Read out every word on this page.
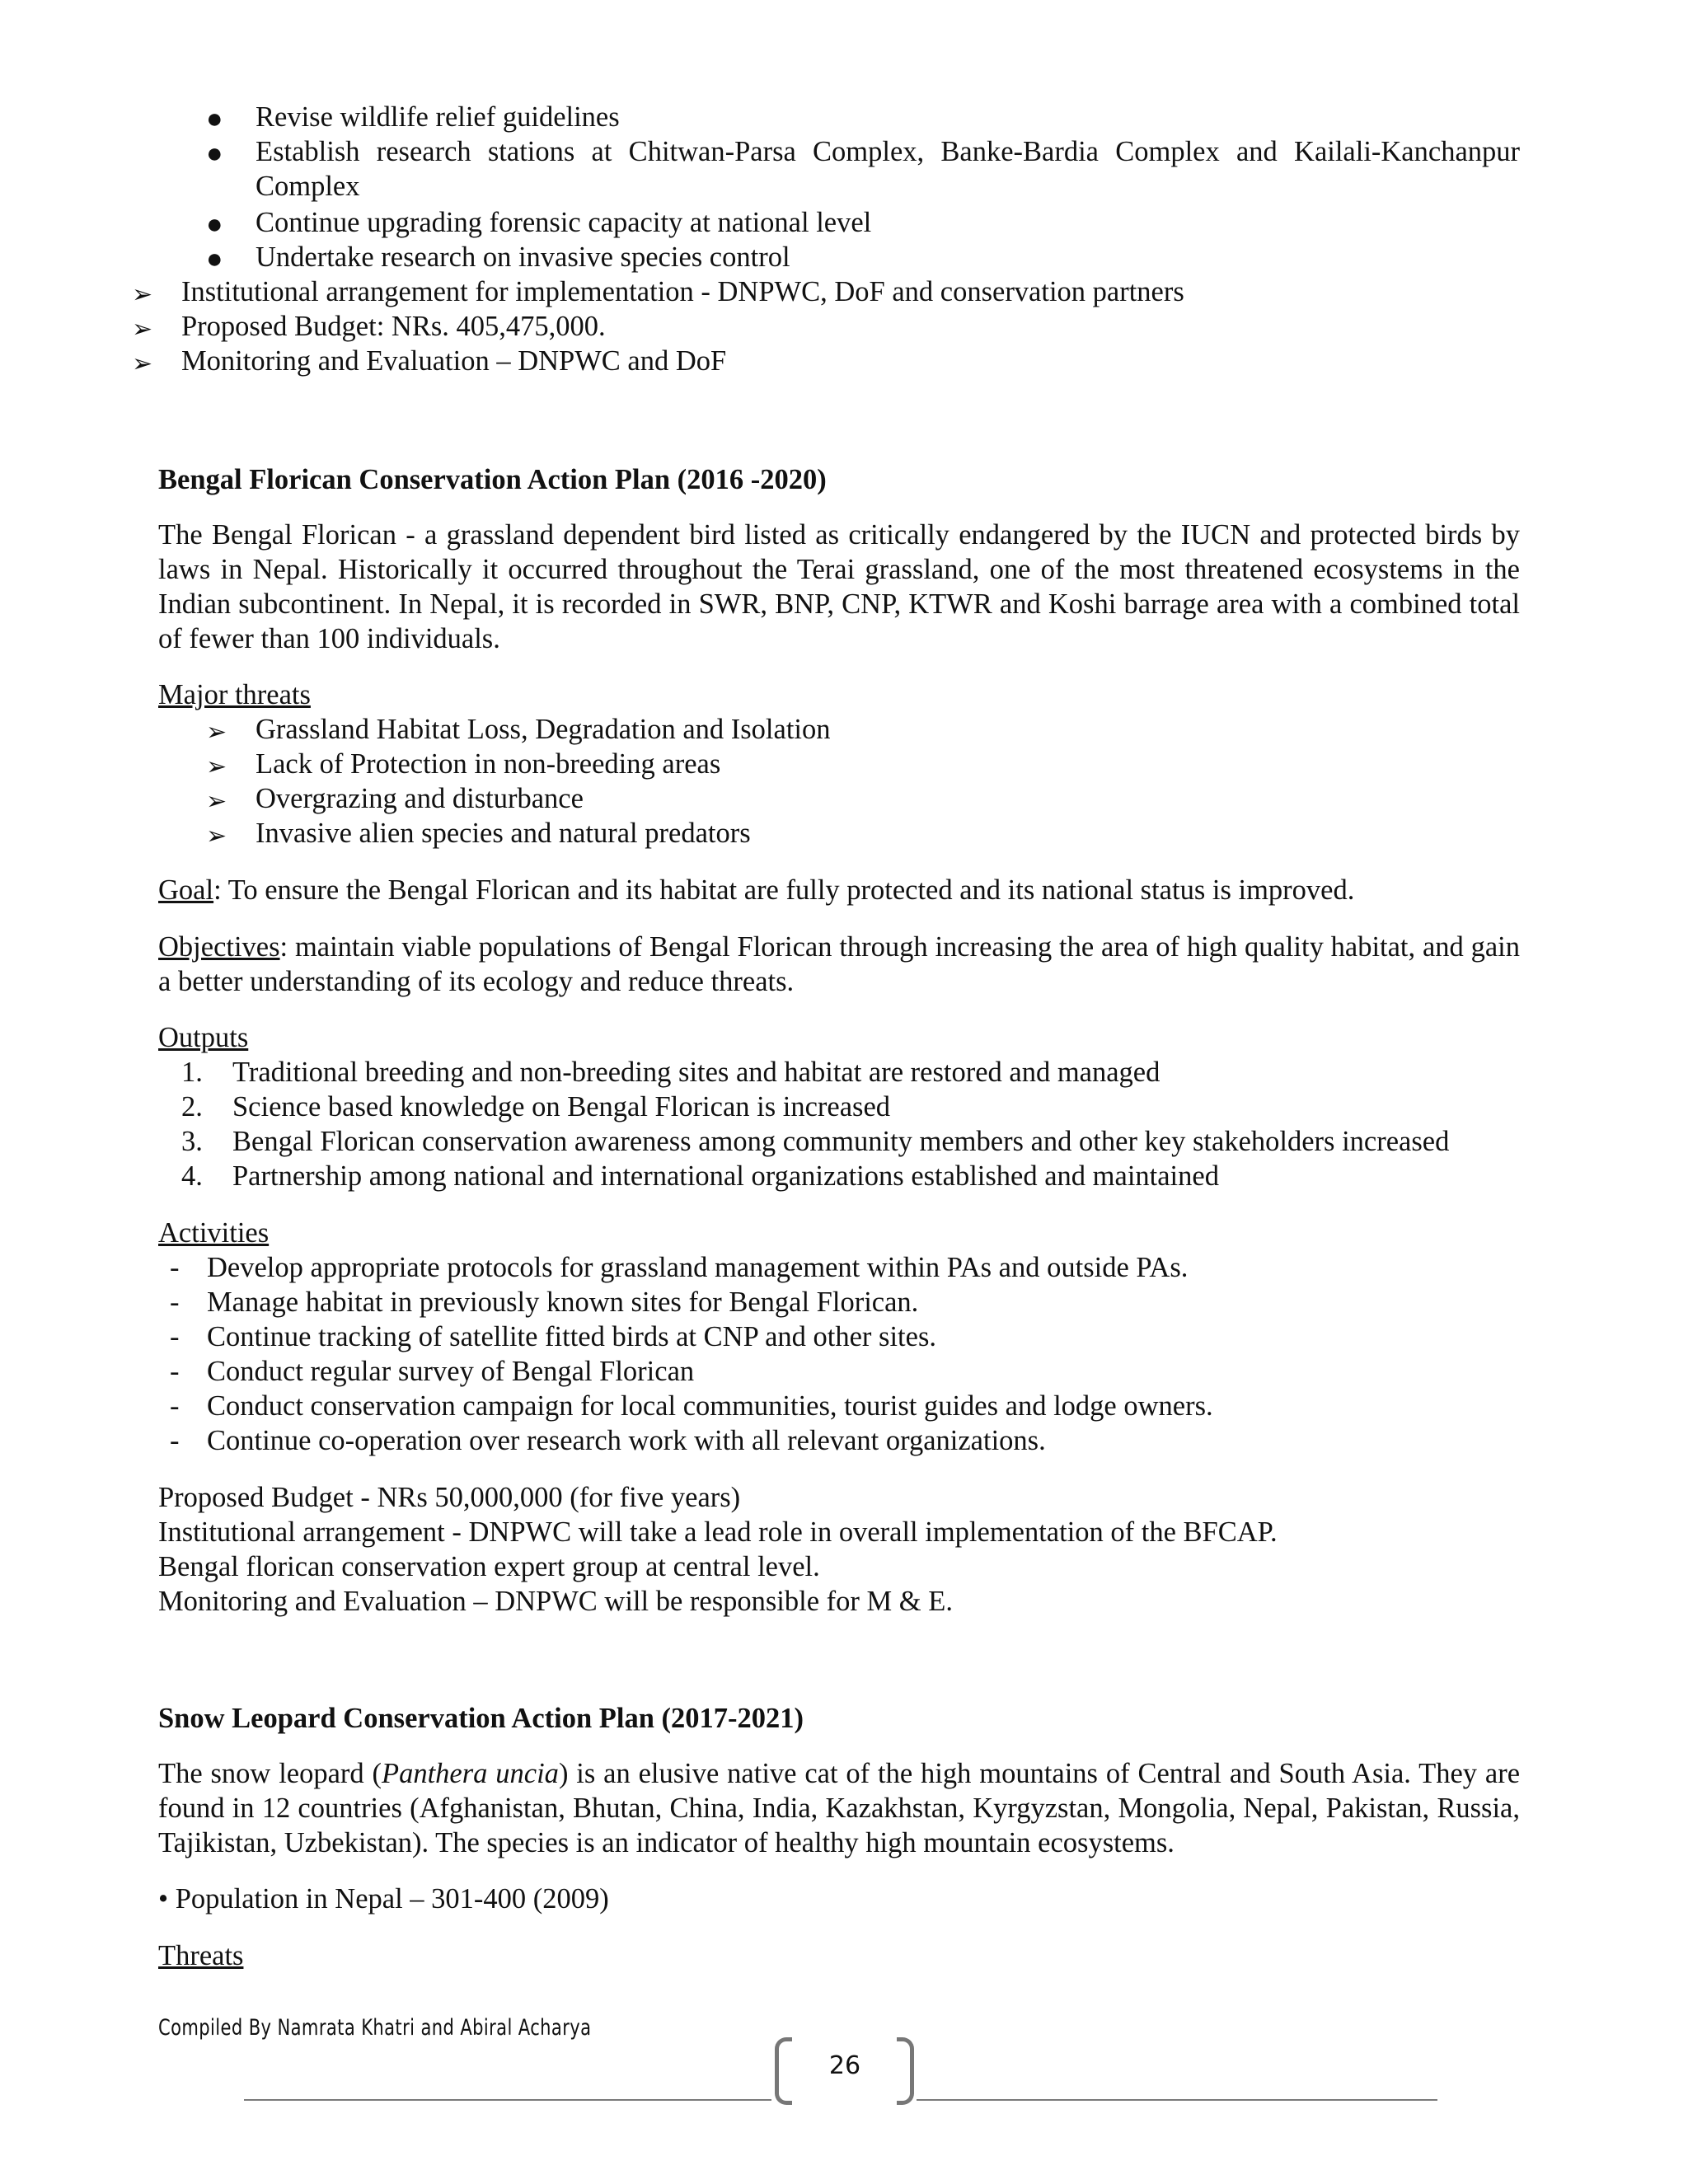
● Revise wildlife relief guidelines
● Establish research stations at Chitwan-Parsa Complex, Banke-Bardia Complex and Kailali-Kanchanpur Complex
● Continue upgrading forensic capacity at national level
● Undertake research on invasive species control
➢ Institutional arrangement for implementation - DNPWC, DoF and conservation partners
➢ Proposed Budget: NRs. 405,475,000.
➢ Monitoring and Evaluation – DNPWC and DoF
Bengal Florican Conservation Action Plan (2016 -2020)
The Bengal Florican - a grassland dependent bird listed as critically endangered by the IUCN and protected birds by laws in Nepal. Historically it occurred throughout the Terai grassland, one of the most threatened ecosystems in the Indian subcontinent. In Nepal, it is recorded in SWR, BNP, CNP, KTWR and Koshi barrage area with a combined total of fewer than 100 individuals.
Major threats
➢ Grassland Habitat Loss, Degradation and Isolation
➢ Lack of Protection in non-breeding areas
➢ Overgrazing and disturbance
➢ Invasive alien species and natural predators
Goal: To ensure the Bengal Florican and its habitat are fully protected and its national status is improved.
Objectives: maintain viable populations of Bengal Florican through increasing the area of high quality habitat, and gain a better understanding of its ecology and reduce threats.
Outputs
1. Traditional breeding and non-breeding sites and habitat are restored and managed
2. Science based knowledge on Bengal Florican is increased
3. Bengal Florican conservation awareness among community members and other key stakeholders increased
4. Partnership among national and international organizations established and maintained
Activities
- Develop appropriate protocols for grassland management within PAs and outside PAs.
- Manage habitat in previously known sites for Bengal Florican.
- Continue tracking of satellite fitted birds at CNP and other sites.
- Conduct regular survey of Bengal Florican
- Conduct conservation campaign for local communities, tourist guides and lodge owners.
- Continue co-operation over research work with all relevant organizations.
Proposed Budget - NRs 50,000,000 (for five years)
Institutional arrangement - DNPWC will take a lead role in overall implementation of the BFCAP.
Bengal florican conservation expert group at central level.
Monitoring and Evaluation – DNPWC will be responsible for M & E.
Snow Leopard Conservation Action Plan (2017-2021)
The snow leopard (Panthera uncia) is an elusive native cat of the high mountains of Central and South Asia. They are found in 12 countries (Afghanistan, Bhutan, China, India, Kazakhstan, Kyrgyzstan, Mongolia, Nepal, Pakistan, Russia, Tajikistan, Uzbekistan). The species is an indicator of healthy high mountain ecosystems.
• Population in Nepal – 301-400 (2009)
Threats
Compiled By Namrata Khatri and Abiral Acharya
26
